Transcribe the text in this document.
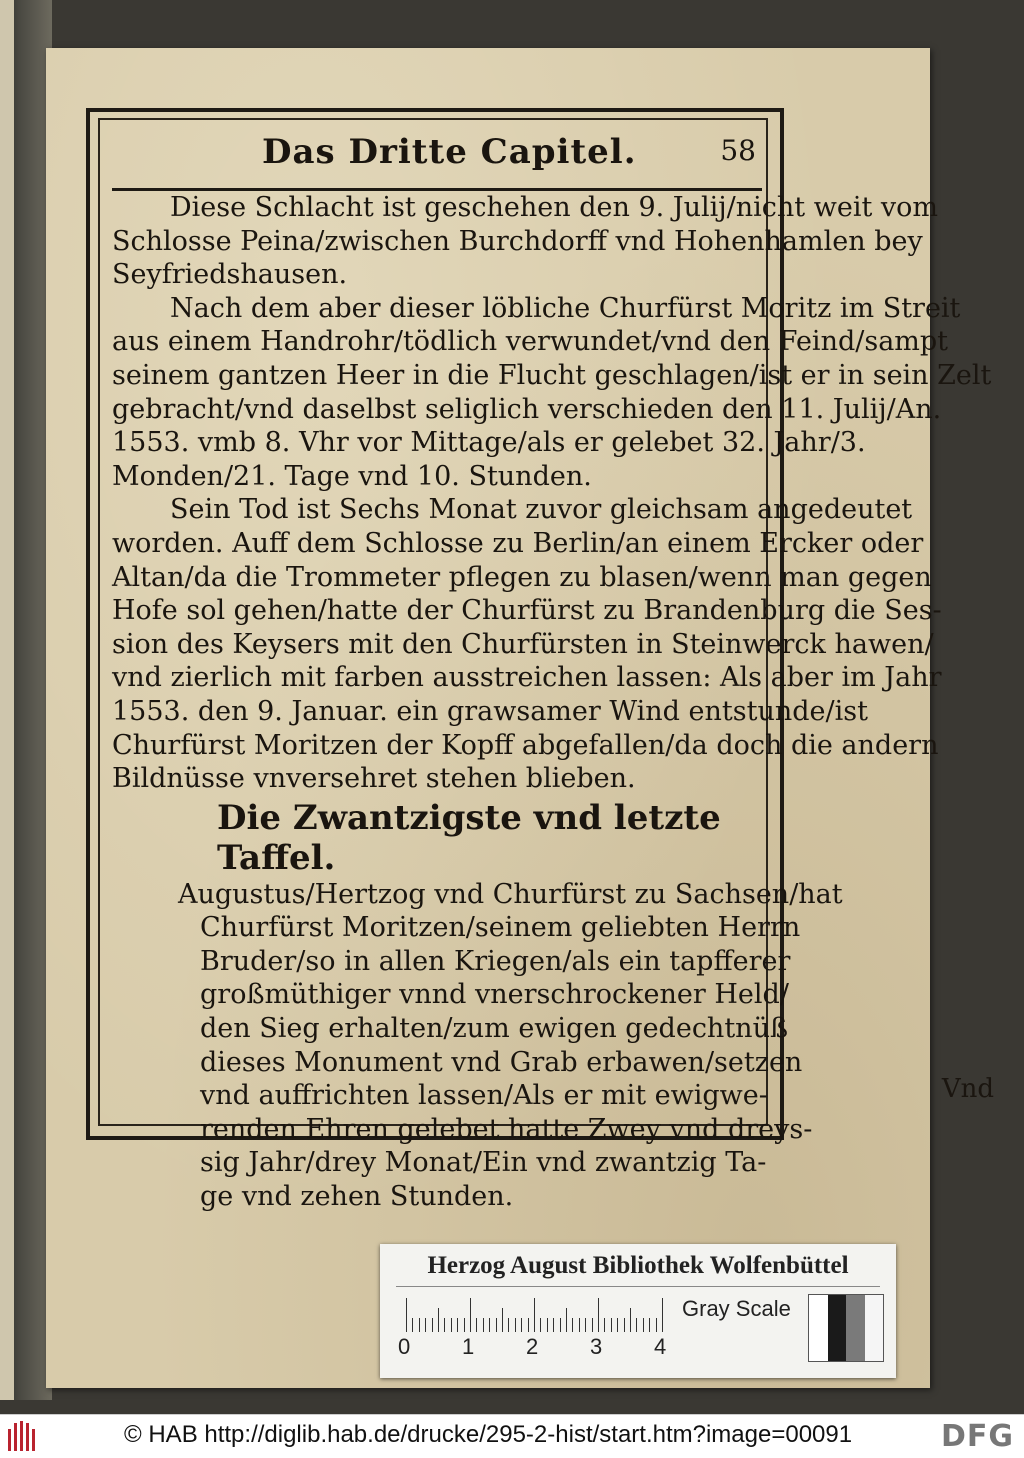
Das Dritte Capitel.	58
Diese Schlacht ist geschehen den 9. Julij/nicht weit vom
Schlosse Peina/zwischen Burchdorff vnd Hohenhamlen bey
Seyfriedshausen.
Nach dem aber dieser löbliche Churfürst Moritz im Streit
aus einem Handrohr/tödlich verwundet/vnd den Feind/sampt
seinem gantzen Heer in die Flucht geschlagen/ist er in sein Zelt
gebracht/vnd daselbst seliglich verschieden den 11. Julij/An.
1553. vmb 8. Vhr vor Mittage/als er gelebet 32. Jahr/3.
Monden/21. Tage vnd 10. Stunden.
Sein Tod ist Sechs Monat zuvor gleichsam angedeutet
worden. Auff dem Schlosse zu Berlin/an einem Ercker oder
Altan/da die Trommeter pflegen zu blasen/wenn man gegen
Hofe sol gehen/hatte der Churfürst zu Brandenburg die Ses-
sion des Keysers mit den Churfürsten in Steinwerck hawen/
vnd zierlich mit farben ausstreichen lassen: Als aber im Jahr
1553. den 9. Januar. ein grawsamer Wind entstunde/ist
Churfürst Moritzen der Kopff abgefallen/da doch die andern
Bildnüsse vnversehret stehen blieben.
Die Zwantzigste vnd letzte Taffel.
Augustus/Hertzog vnd Churfürst zu Sachsen/hat
Churfürst Moritzen/seinem geliebten Herrn
Bruder/so in allen Kriegen/als ein tapfferer
großmüthiger vnnd vnerschrockener Held/
den Sieg erhalten/zum ewigen gedechtnüß
dieses Monument vnd Grab erbawen/setzen
vnd auffrichten lassen/Als er mit ewigwe-
renden Ehren gelebet hatte Zwey vnd dreys-
sig Jahr/drey Monat/Ein vnd zwantzig Ta-
ge vnd zehen Stunden.
Vnd
Herzog August Bibliothek Wolfenbüttel
0 1 2 3 4
Gray Scale
© HAB http://diglib.hab.de/drucke/295-2-hist/start.htm?image=00091	DFG
